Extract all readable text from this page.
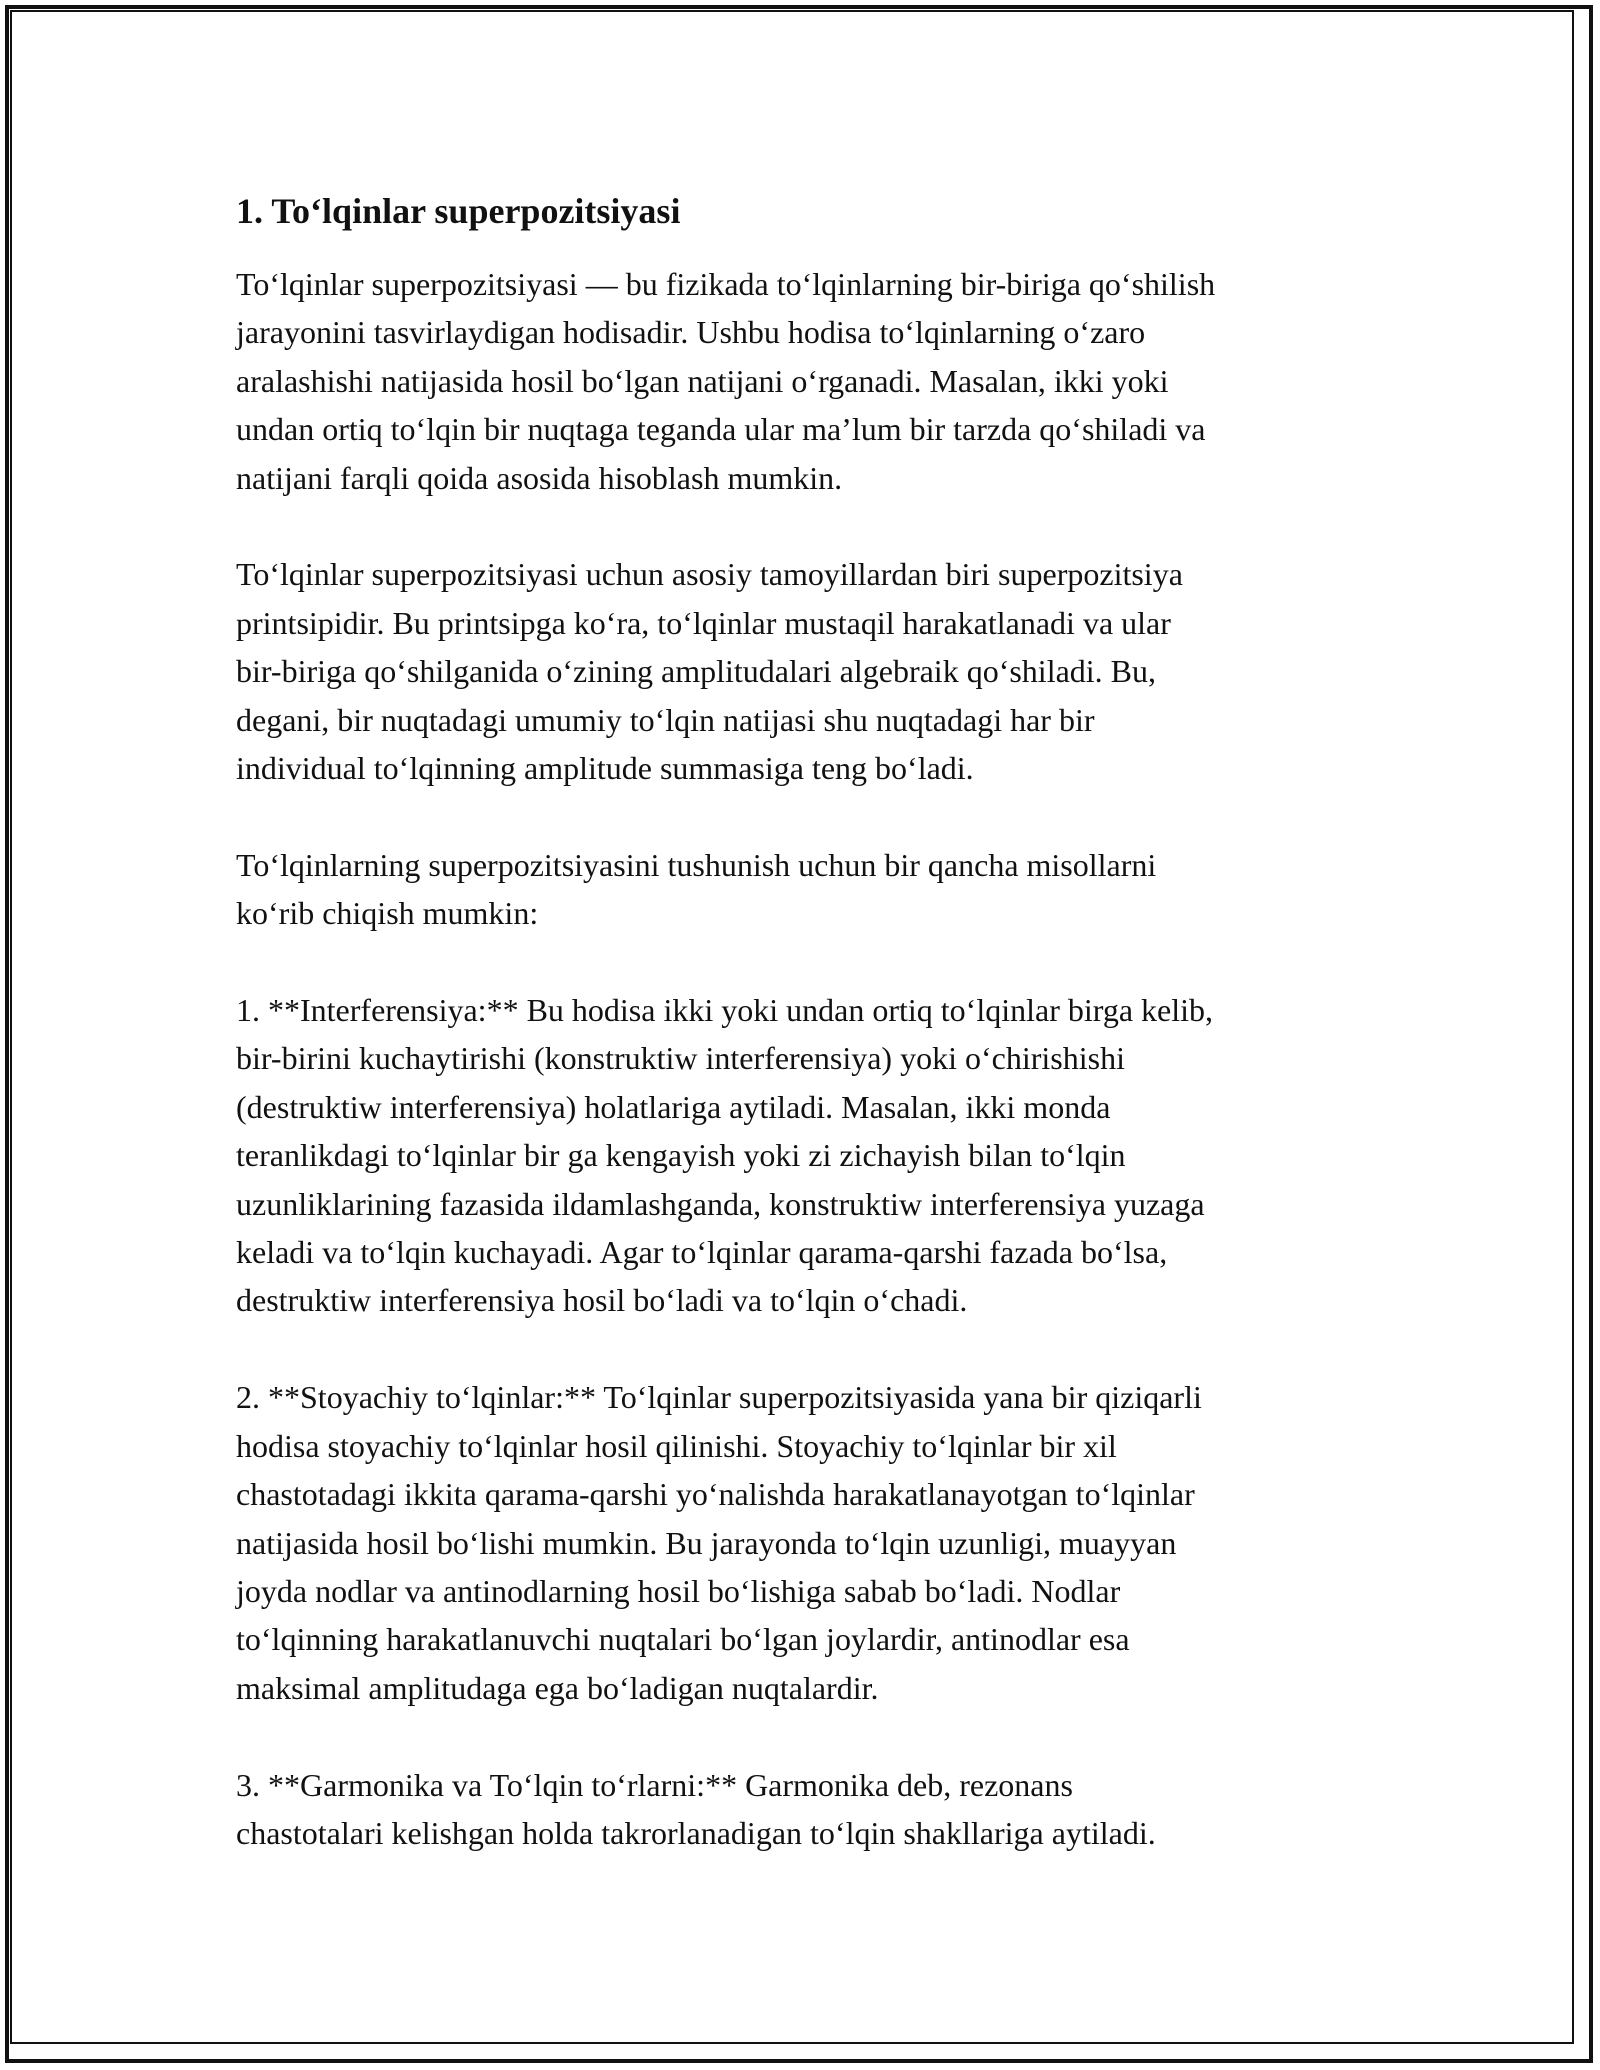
1. To‘lqinlar superpozitsiyasi
To‘lqinlar superpozitsiyasi — bu fizikada to‘lqinlarning bir-biriga qo‘shilish
jarayonini tasvirlaydigan hodisadir. Ushbu hodisa to‘lqinlarning o‘zaro
aralashishi natijasida hosil bo‘lgan natijani o‘rganadi. Masalan, ikki yoki
undan ortiq to‘lqin bir nuqtaga teganda ular ma’lum bir tarzda qo‘shiladi va
natijani farqli qoida asosida hisoblash mumkin.
To‘lqinlar superpozitsiyasi uchun asosiy tamoyillardan biri superpozitsiya
printsipidir. Bu printsipga ko‘ra, to‘lqinlar mustaqil harakatlanadi va ular
bir-biriga qo‘shilganida o‘zining amplitudalari algebraik qo‘shiladi. Bu,
degani, bir nuqtadagi umumiy to‘lqin natijasi shu nuqtadagi har bir
individual to‘lqinning amplitude summasiga teng bo‘ladi.
To‘lqinlarning superpozitsiyasini tushunish uchun bir qancha misollarni
ko‘rib chiqish mumkin:
1. **Interferensiya:** Bu hodisa ikki yoki undan ortiq to‘lqinlar birga kelib,
bir-birini kuchaytirishi (konstruktiw interferensiya) yoki o‘chirishishi
(destruktiw interferensiya) holatlariga aytiladi. Masalan, ikki monda
teranlikdagi to‘lqinlar bir ga kengayish yoki zi zichayish bilan to‘lqin
uzunliklarining fazasida ildamlashganda, konstruktiw interferensiya yuzaga
keladi va to‘lqin kuchayadi. Agar to‘lqinlar qarama-qarshi fazada bo‘lsa,
destruktiw interferensiya hosil bo‘ladi va to‘lqin o‘chadi.
2. **Stoyachiy to‘lqinlar:** To‘lqinlar superpozitsiyasida yana bir qiziqarli
hodisa stoyachiy to‘lqinlar hosil qilinishi. Stoyachiy to‘lqinlar bir xil
chastotadagi ikkita qarama-qarshi yo‘nalishda harakatlanayotgan to‘lqinlar
natijasida hosil bo‘lishi mumkin. Bu jarayonda to‘lqin uzunligi, muayyan
joyda nodlar va antinodlarning hosil bo‘lishiga sabab bo‘ladi. Nodlar
to‘lqinning harakatlanuvchi nuqtalari bo‘lgan joylardir, antinodlar esa
maksimal amplitudaga ega bo‘ladigan nuqtalardir.
3. **Garmonika va To‘lqin to‘rlarni:** Garmonika deb, rezonans
chastotalari kelishgan holda takrorlanadigan to‘lqin shakllariga aytiladi.
